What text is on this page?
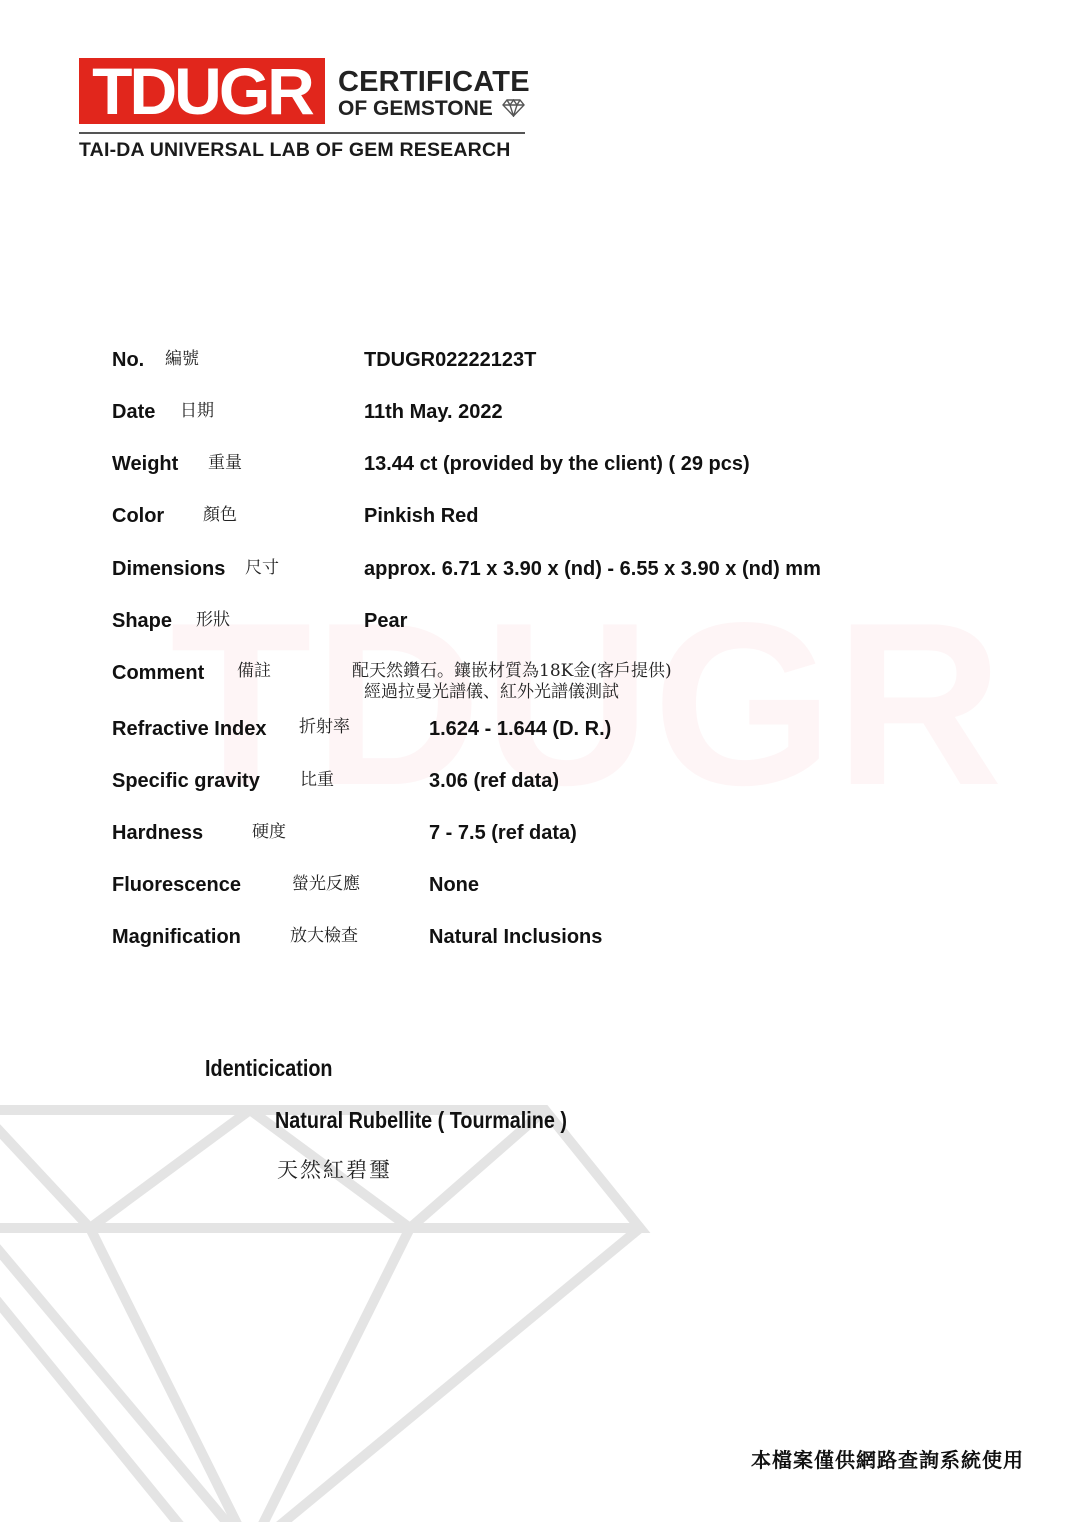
TDUGR CERTIFICATE
OF GEMSTONE
TAI-DA UNIVERSAL LAB OF GEM RESEARCH
No. 編號	TDUGR02222123T
Date 日期	11th May. 2022
Weight 重量	13.44 ct (provided by the client) ( 29 pcs)
Color 顏色	Pinkish Red
Dimensions 尺寸	approx. 6.71 x 3.90 x (nd) - 6.55 x 3.90 x (nd) mm
Shape 形狀	Pear
Comment 備註	配天然鑽石。鑲嵌材質為18K金(客戶提供)
經過拉曼光譜儀、紅外光譜儀測試
Refractive Index 折射率	1.624 - 1.644 (D. R.)
Specific gravity 比重	3.06 (ref data)
Hardness	硬度	7 - 7.5 (ref data)
Fluorescence	螢光反應	None
Magnification	放大檢查	Natural Inclusions
Identicication
Natural Rubellite ( Tourmaline )
天然紅碧璽
本檔案僅供網路查詢系統使用
